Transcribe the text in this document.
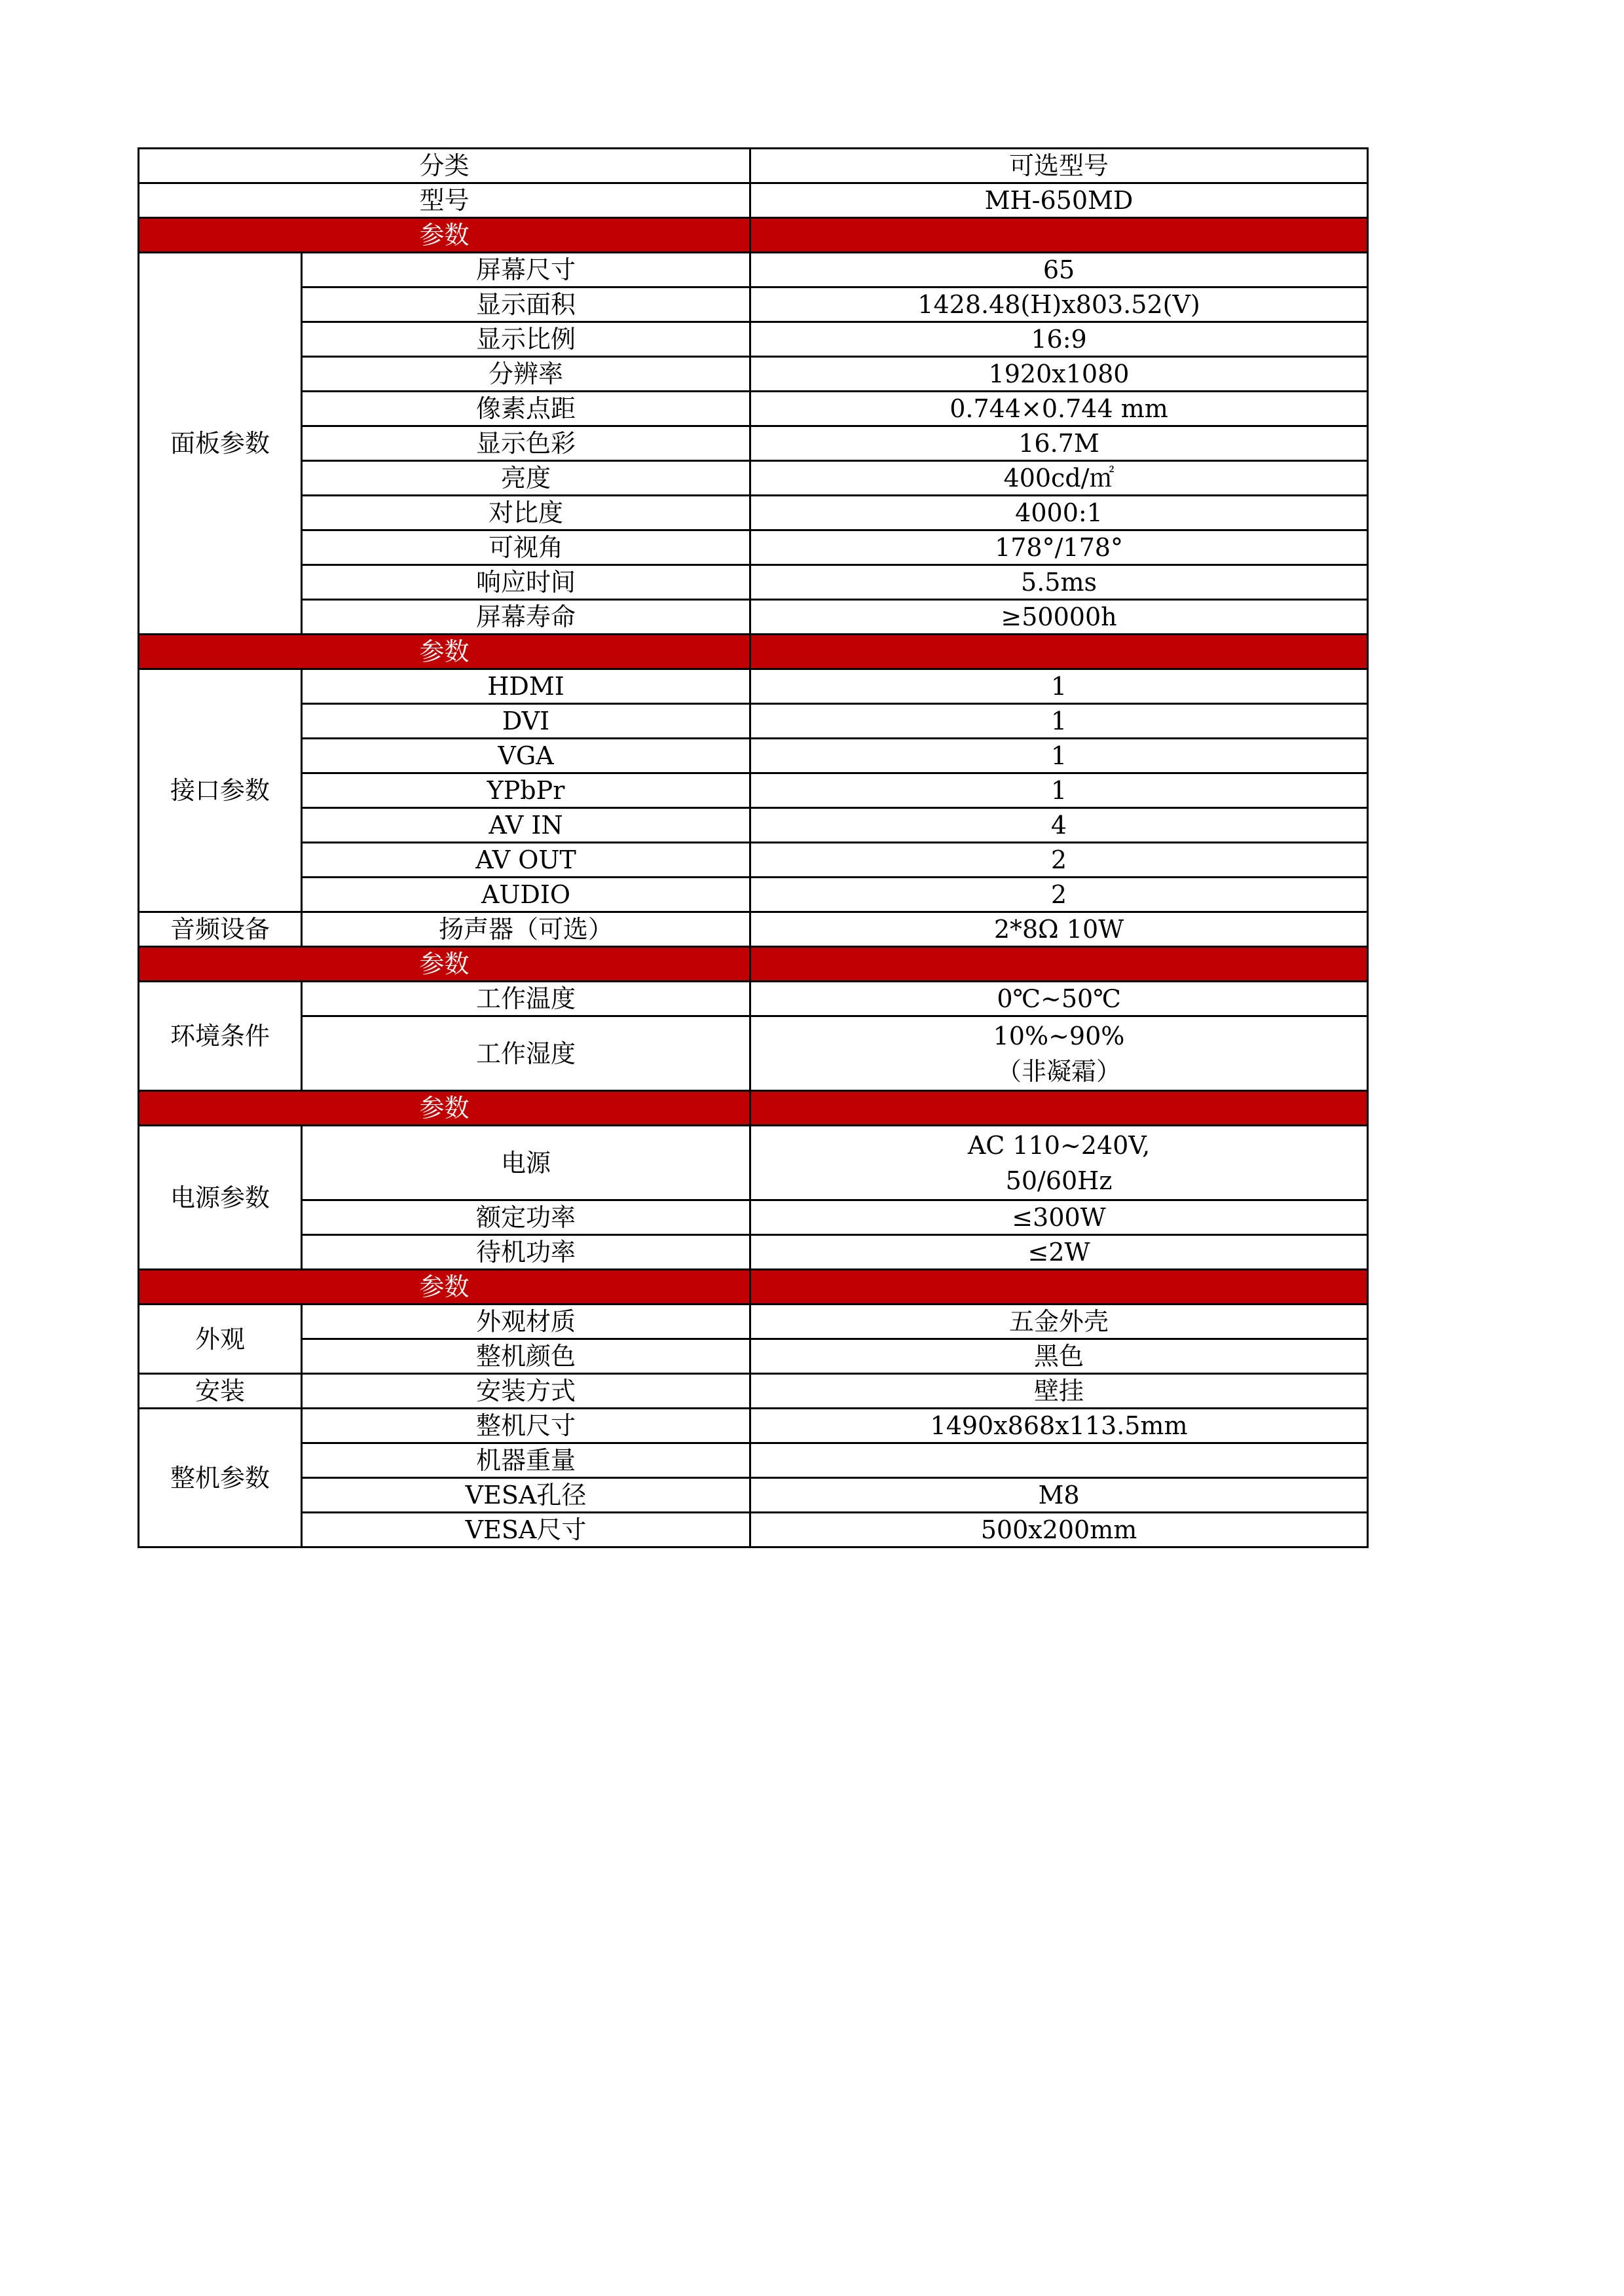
分类		可选型号
型号		MH-650MD
参数		
面板参数	屏幕尺寸	65
	显示面积	1428.48(H)x803.52(V)
	显示比例	16:9
	分辨率	1920x1080
	像素点距	0.744×0.744 mm
	显示色彩	16.7M
	亮度	400cd/㎡
	对比度	4000:1
	可视角	178°/178°
	响应时间	5.5ms
	屏幕寿命	≥50000h
参数		
接口参数	HDMI	1
	DVI	1
	VGA	1
	YPbPr	1
	AV IN	4
	AV OUT	2
	AUDIO	2
音频设备	扬声器（可选）	2*8Ω 10W
参数		
环境条件	工作温度	0℃~50℃
	工作湿度	10%~90%
（非凝霜）
参数		
电源参数	电源	AC 110~240V,
50/60Hz
	额定功率	≤300W
	待机功率	≤2W
参数		
外观	外观材质	五金外壳
	整机颜色	黑色
安装	安装方式	壁挂
整机参数	整机尺寸	1490x868x113.5mm
	机器重量	
	VESA孔径	M8
	VESA尺寸	500x200mm
